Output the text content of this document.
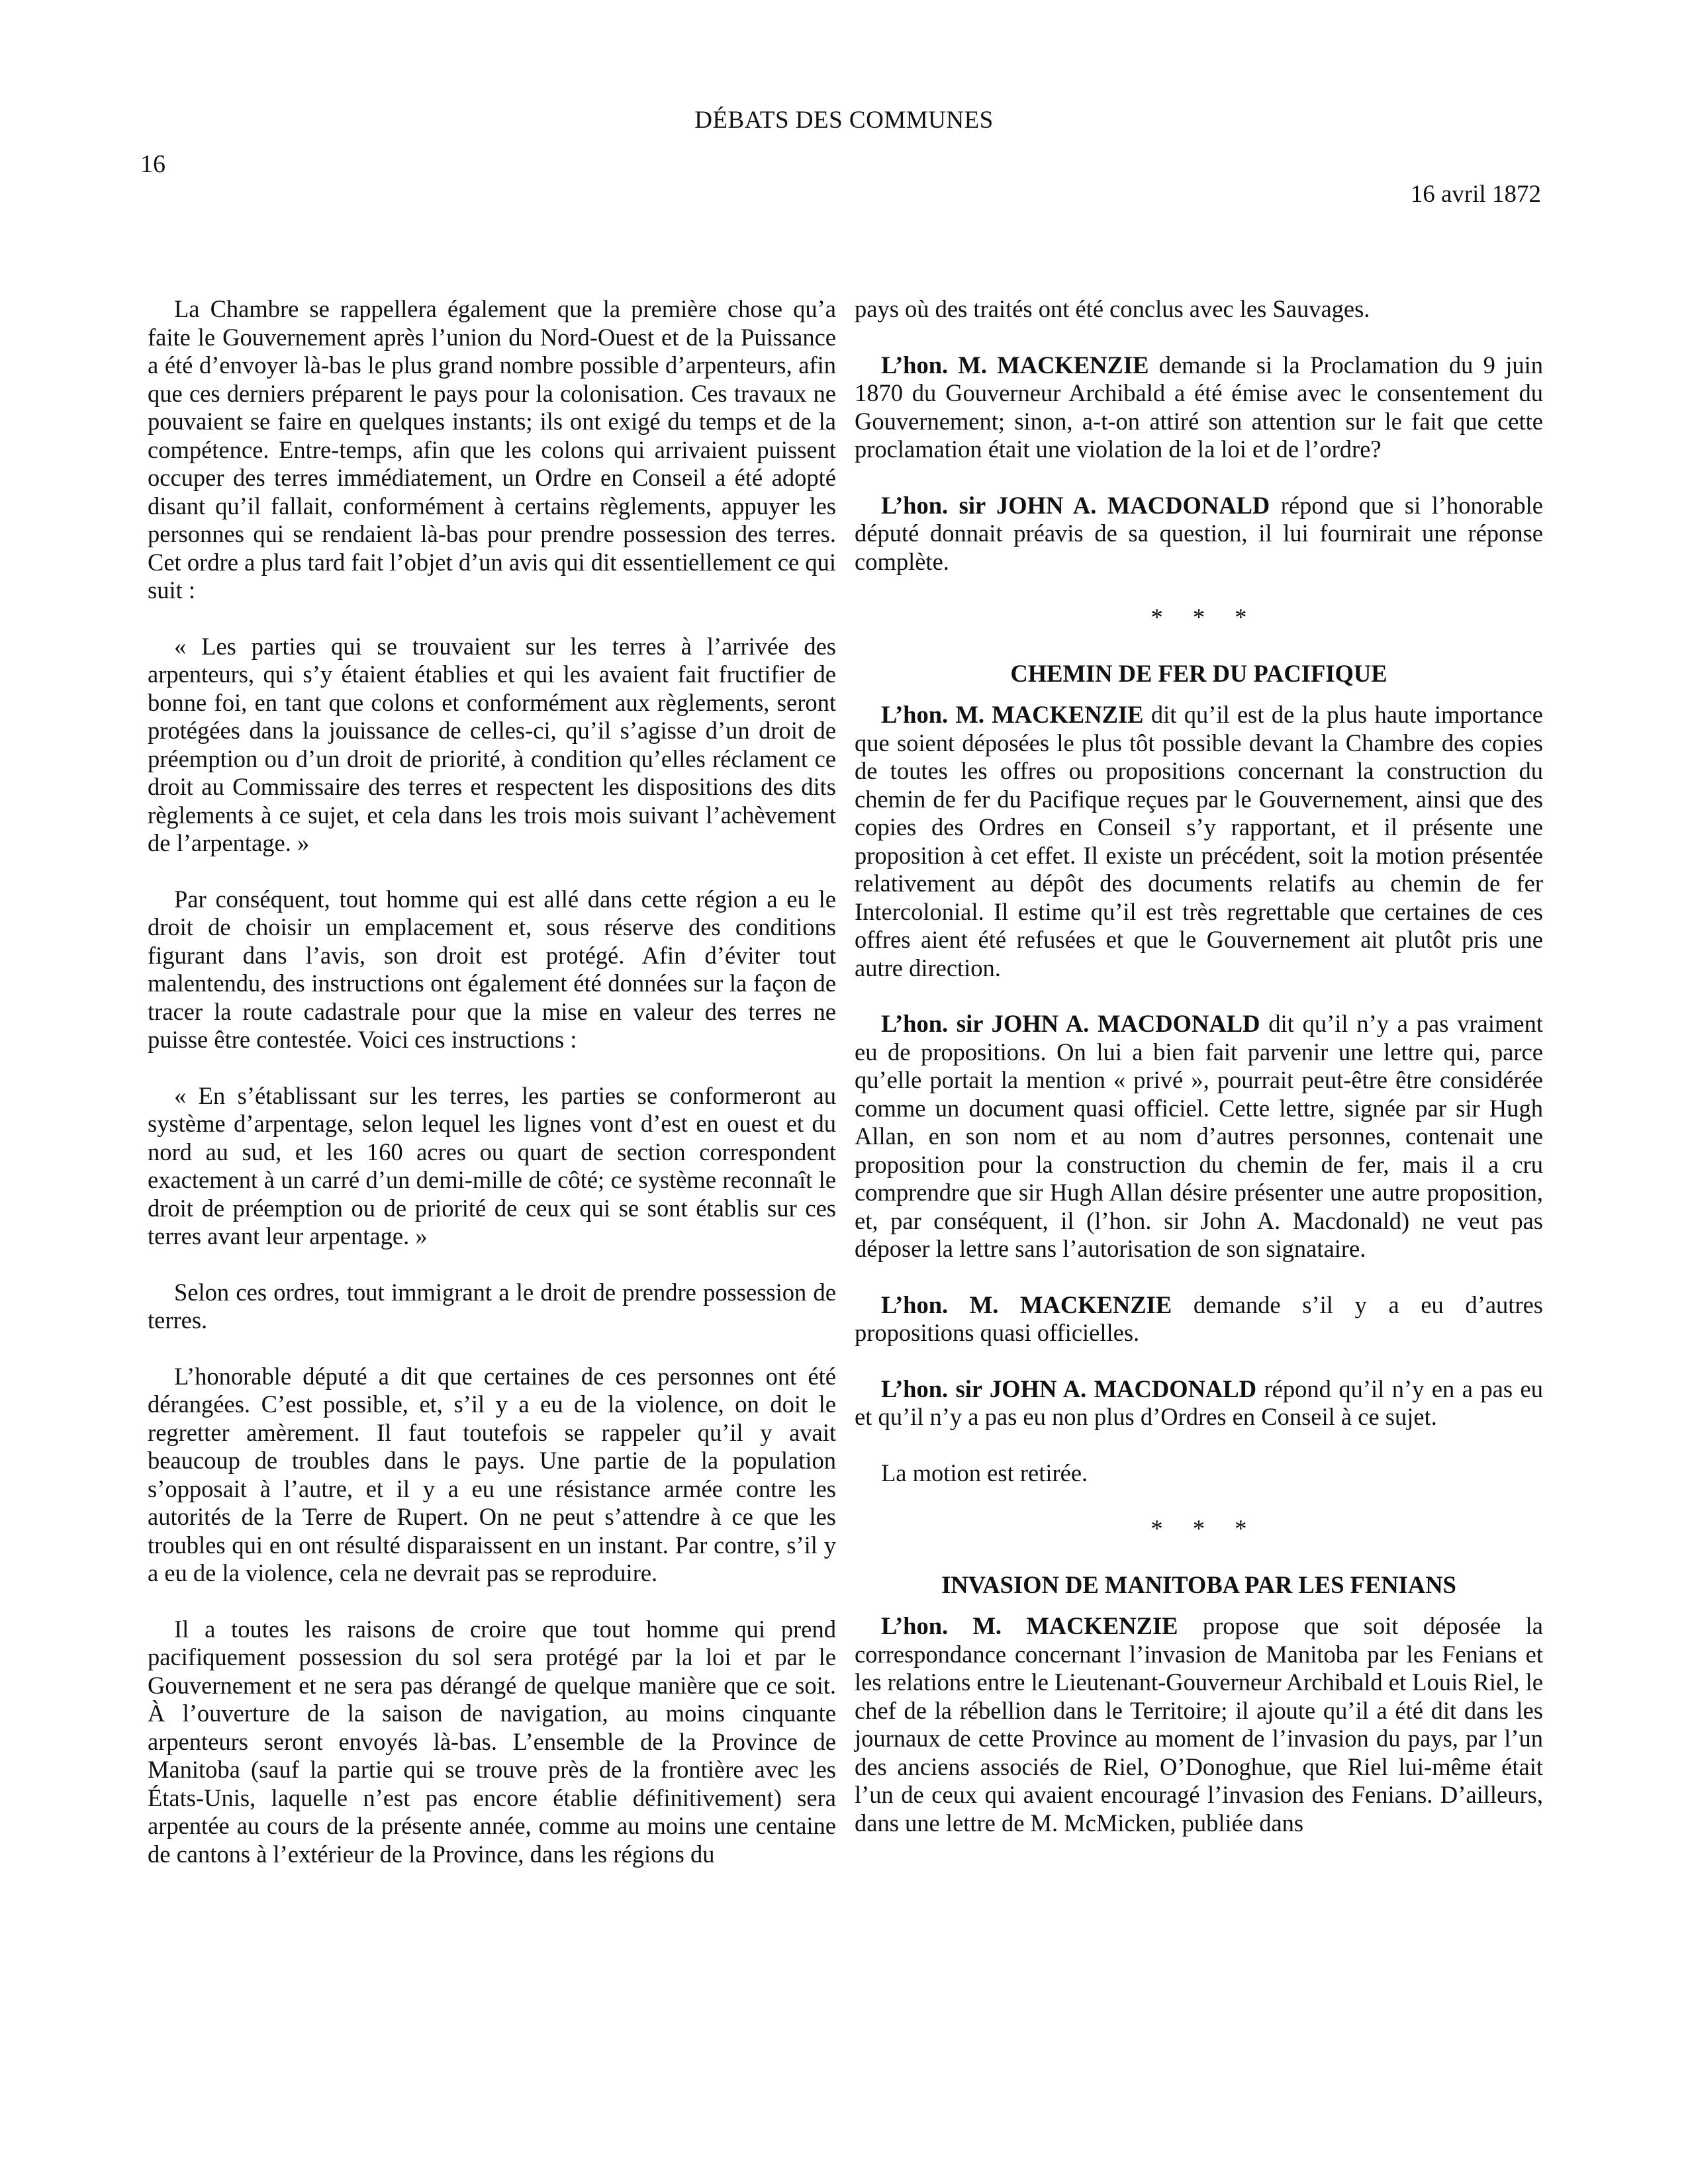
DÉBATS DES COMMUNES
16
16 avril 1872

La Chambre se rappellera également que la première chose qu’a faite le Gouvernement après l’union du Nord-Ouest et de la Puissance a été d’envoyer là-bas le plus grand nombre possible d’arpenteurs, afin que ces derniers préparent le pays pour la colonisation. Ces travaux ne pouvaient se faire en quelques instants; ils ont exigé du temps et de la compétence. Entre-temps, afin que les colons qui arrivaient puissent occuper des terres immédiatement, un Ordre en Conseil a été adopté disant qu’il fallait, conformément à certains règlements, appuyer les personnes qui se rendaient là-bas pour prendre possession des terres. Cet ordre a plus tard fait l’objet d’un avis qui dit essentiellement ce qui suit :

« Les parties qui se trouvaient sur les terres à l’arrivée des arpenteurs, qui s’y étaient établies et qui les avaient fait fructifier de bonne foi, en tant que colons et conformément aux règlements, seront protégées dans la jouissance de celles-ci, qu’il s’agisse d’un droit de préemption ou d’un droit de priorité, à condition qu’elles réclament ce droit au Commissaire des terres et respectent les dispositions des dits règlements à ce sujet, et cela dans les trois mois suivant l’achèvement de l’arpentage. »

Par conséquent, tout homme qui est allé dans cette région a eu le droit de choisir un emplacement et, sous réserve des conditions figurant dans l’avis, son droit est protégé. Afin d’éviter tout malentendu, des instructions ont également été données sur la façon de tracer la route cadastrale pour que la mise en valeur des terres ne puisse être contestée. Voici ces instructions :

« En s’établissant sur les terres, les parties se conformeront au système d’arpentage, selon lequel les lignes vont d’est en ouest et du nord au sud, et les 160 acres ou quart de section correspondent exactement à un carré d’un demi-mille de côté; ce système reconnaît le droit de préemption ou de priorité de ceux qui se sont établis sur ces terres avant leur arpentage. »

Selon ces ordres, tout immigrant a le droit de prendre possession de terres.

L’honorable député a dit que certaines de ces personnes ont été dérangées. C’est possible, et, s’il y a eu de la violence, on doit le regretter amèrement. Il faut toutefois se rappeler qu’il y avait beaucoup de troubles dans le pays. Une partie de la population s’opposait à l’autre, et il y a eu une résistance armée contre les autorités de la Terre de Rupert. On ne peut s’attendre à ce que les troubles qui en ont résulté disparaissent en un instant. Par contre, s’il y a eu de la violence, cela ne devrait pas se reproduire.

Il a toutes les raisons de croire que tout homme qui prend pacifiquement possession du sol sera protégé par la loi et par le Gouvernement et ne sera pas dérangé de quelque manière que ce soit. À l’ouverture de la saison de navigation, au moins cinquante arpenteurs seront envoyés là-bas. L’ensemble de la Province de Manitoba (sauf la partie qui se trouve près de la frontière avec les États-Unis, laquelle n’est pas encore établie définitivement) sera arpentée au cours de la présente année, comme au moins une centaine de cantons à l’extérieur de la Province, dans les régions du

pays où des traités ont été conclus avec les Sauvages.

L’hon. M. MACKENZIE demande si la Proclamation du 9 juin 1870 du Gouverneur Archibald a été émise avec le consentement du Gouvernement; sinon, a-t-on attiré son attention sur le fait que cette proclamation était une violation de la loi et de l’ordre?

L’hon. sir JOHN A. MACDONALD répond que si l’honorable député donnait préavis de sa question, il lui fournirait une réponse complète.

* * *
CHEMIN DE FER DU PACIFIQUE

L’hon. M. MACKENZIE dit qu’il est de la plus haute importance que soient déposées le plus tôt possible devant la Chambre des copies de toutes les offres ou propositions concernant la construction du chemin de fer du Pacifique reçues par le Gouvernement, ainsi que des copies des Ordres en Conseil s’y rapportant, et il présente une proposition à cet effet. Il existe un précédent, soit la motion présentée relativement au dépôt des documents relatifs au chemin de fer Intercolonial. Il estime qu’il est très regrettable que certaines de ces offres aient été refusées et que le Gouvernement ait plutôt pris une autre direction.

L’hon. sir JOHN A. MACDONALD dit qu’il n’y a pas vraiment eu de propositions. On lui a bien fait parvenir une lettre qui, parce qu’elle portait la mention « privé », pourrait peut-être être considérée comme un document quasi officiel. Cette lettre, signée par sir Hugh Allan, en son nom et au nom d’autres personnes, contenait une proposition pour la construction du chemin de fer, mais il a cru comprendre que sir Hugh Allan désire présenter une autre proposition, et, par conséquent, il (l’hon. sir John A. Macdonald) ne veut pas déposer la lettre sans l’autorisation de son signataire.

L’hon. M. MACKENZIE demande s’il y a eu d’autres propositions quasi officielles.

L’hon. sir JOHN A. MACDONALD répond qu’il n’y en a pas eu et qu’il n’y a pas eu non plus d’Ordres en Conseil à ce sujet.

La motion est retirée.

* * *
INVASION DE MANITOBA PAR LES FENIANS

L’hon. M. MACKENZIE propose que soit déposée la correspondance concernant l’invasion de Manitoba par les Fenians et les relations entre le Lieutenant-Gouverneur Archibald et Louis Riel, le chef de la rébellion dans le Territoire; il ajoute qu’il a été dit dans les journaux de cette Province au moment de l’invasion du pays, par l’un des anciens associés de Riel, O’Donoghue, que Riel lui-même était l’un de ceux qui avaient encouragé l’invasion des Fenians. D’ailleurs, dans une lettre de M. McMicken, publiée dans
